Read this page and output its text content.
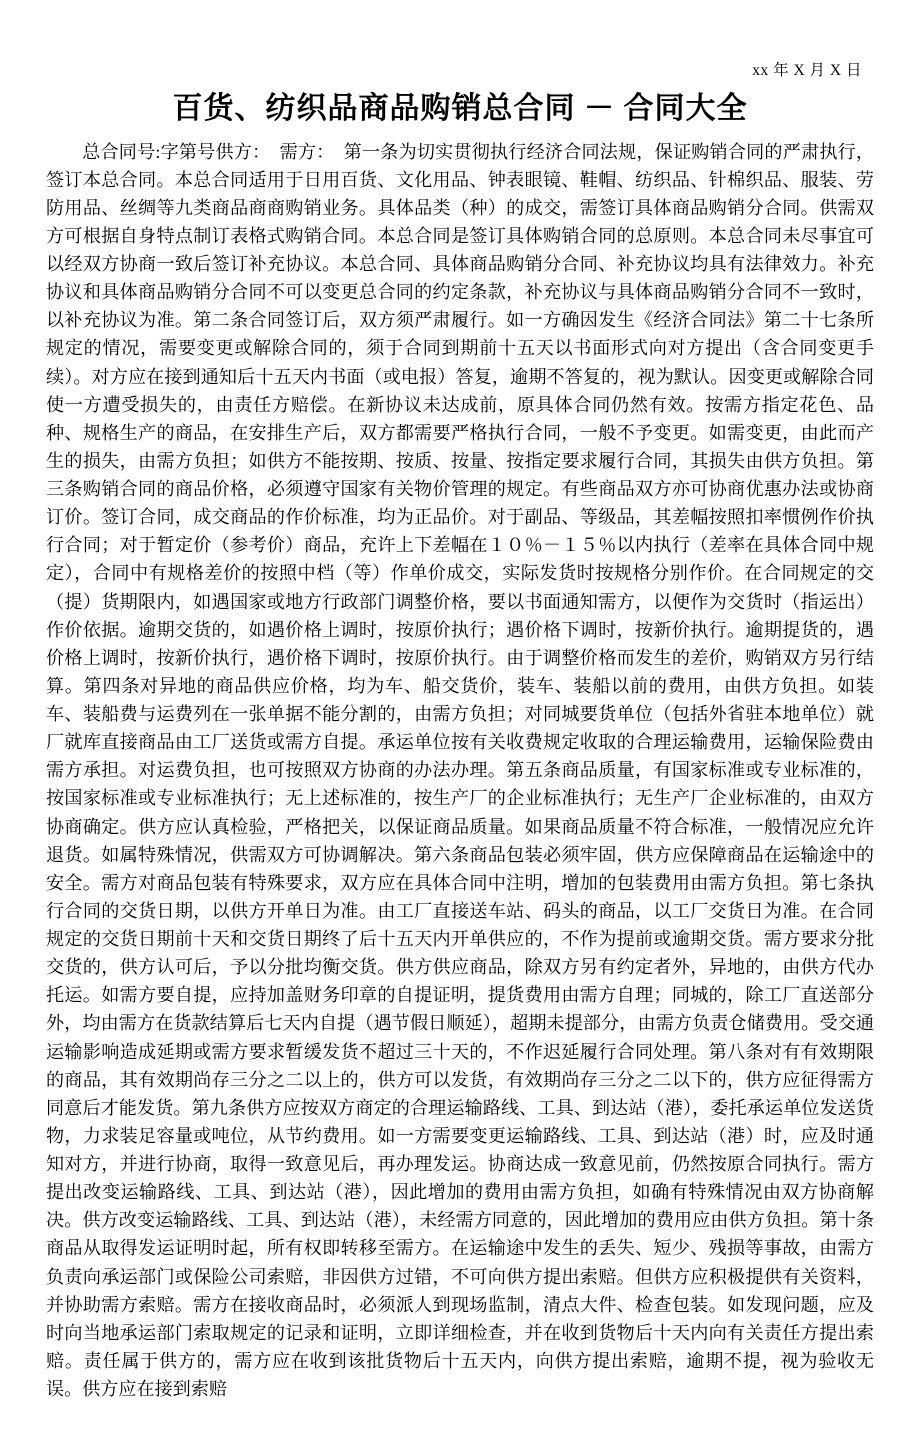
xx 年 X 月 X 日
百货、纺织品商品购销总合同 － 合同大全

总合同号:字第号供方：　需方：　第一条为切实贯彻执行经济合同法规，保证购销合同的严肃执行，签订本总合同。本总合同适用于日用百货、文化用品、钟表眼镜、鞋帽、纺织品、针棉织品、服装、劳防用品、丝绸等九类商品商商购销业务。具体品类（种）的成交，需签订具体商品购销分合同。供需双方可根据自身特点制订表格式购销合同。本总合同是签订具体购销合同的总原则。本总合同未尽事宜可以经双方协商一致后签订补充协议。本总合同、具体商品购销分合同、补充协议均具有法律效力。补充协议和具体商品购销分合同不可以变更总合同的约定条款，补充协议与具体商品购销分合同不一致时，以补充协议为准。第二条合同签订后，双方须严肃履行。如一方确因发生《经济合同法》第二十七条所规定的情况，需要变更或解除合同的，须于合同到期前十五天以书面形式向对方提出（含合同变更手续）。对方应在接到通知后十五天内书面（或电报）答复，逾期不答复的，视为默认。因变更或解除合同使一方遭受损失的，由责任方赔偿。在新协议未达成前，原具体合同仍然有效。按需方指定花色、品种、规格生产的商品，在安排生产后，双方都需要严格执行合同，一般不予变更。如需变更，由此而产生的损失，由需方负担；如供方不能按期、按质、按量、按指定要求履行合同，其损失由供方负担。第三条购销合同的商品价格，必须遵守国家有关物价管理的规定。有些商品双方亦可协商优惠办法或协商订价。签订合同，成交商品的作价标准，均为正品价。对于副品、等级品，其差幅按照扣率惯例作价执行合同；对于暂定价（参考价）商品，充许上下差幅在１０％－１５％以内执行（差率在具体合同中规定），合同中有规格差价的按照中档（等）作单价成交，实际发货时按规格分别作价。在合同规定的交（提）货期限内，如遇国家或地方行政部门调整价格，要以书面通知需方，以便作为交货时（指运出）作价依据。逾期交货的，如遇价格上调时，按原价执行；遇价格下调时，按新价执行。逾期提货的，遇价格上调时，按新价执行，遇价格下调时，按原价执行。由于调整价格而发生的差价，购销双方另行结算。第四条对异地的商品供应价格，均为车、船交货价，装车、装船以前的费用，由供方负担。如装车、装船费与运费列在一张单据不能分割的，由需方负担；对同城要货单位（包括外省驻本地单位）就厂就库直接商品由工厂送货或需方自提。承运单位按有关收费规定收取的合理运输费用，运输保险费由需方承担。对运费负担，也可按照双方协商的办法办理。第五条商品质量，有国家标准或专业标准的，按国家标准或专业标准执行；无上述标准的，按生产厂的企业标准执行；无生产厂企业标准的，由双方协商确定。供方应认真检验，严格把关，以保证商品质量。如果商品质量不符合标准，一般情况应允许退货。如属特殊情况，供需双方可协调解决。第六条商品包装必须牢固，供方应保障商品在运输途中的安全。需方对商品包装有特殊要求，双方应在具体合同中注明，增加的包装费用由需方负担。第七条执行合同的交货日期，以供方开单日为准。由工厂直接送车站、码头的商品，以工厂交货日为准。在合同规定的交货日期前十天和交货日期终了后十五天内开单供应的，不作为提前或逾期交货。需方要求分批交货的，供方认可后，予以分批均衡交货。供方供应商品，除双方另有约定者外，异地的，由供方代办托运。如需方要自提，应持加盖财务印章的自提证明，提货费用由需方自理；同城的，除工厂直送部分外，均由需方在货款结算后七天内自提（遇节假日顺延），超期未提部分，由需方负责仓储费用。受交通运输影响造成延期或需方要求暂缓发货不超过三十天的，不作迟延履行合同处理。第八条对有有效期限的商品，其有效期尚存三分之二以上的，供方可以发货，有效期尚存三分之二以下的，供方应征得需方同意后才能发货。第九条供方应按双方商定的合理运输路线、工具、到达站（港），委托承运单位发送货物，力求装足容量或吨位，从节约费用。如一方需要变更运输路线、工具、到达站（港）时，应及时通知对方，并进行协商，取得一致意见后，再办理发运。协商达成一致意见前，仍然按原合同执行。需方提出改变运输路线、工具、到达站（港），因此增加的费用由需方负担，如确有特殊情况由双方协商解决。供方改变运输路线、工具、到达站（港），未经需方同意的，因此增加的费用应由供方负担。第十条商品从取得发运证明时起，所有权即转移至需方。在运输途中发生的丢失、短少、残损等事故，由需方负责向承运部门或保险公司索赔，非因供方过错，不可向供方提出索赔。但供方应积极提供有关资料，并协助需方索赔。需方在接收商品时，必须派人到现场监制，清点大件、检查包装。如发现问题，应及时向当地承运部门索取规定的记录和证明，立即详细检查，并在收到货物后十天内向有关责任方提出索赔。责任属于供方的，需方应在收到该批货物后十五天内，向供方提出索赔，逾期不提，视为验收无误。供方应在接到索赔
